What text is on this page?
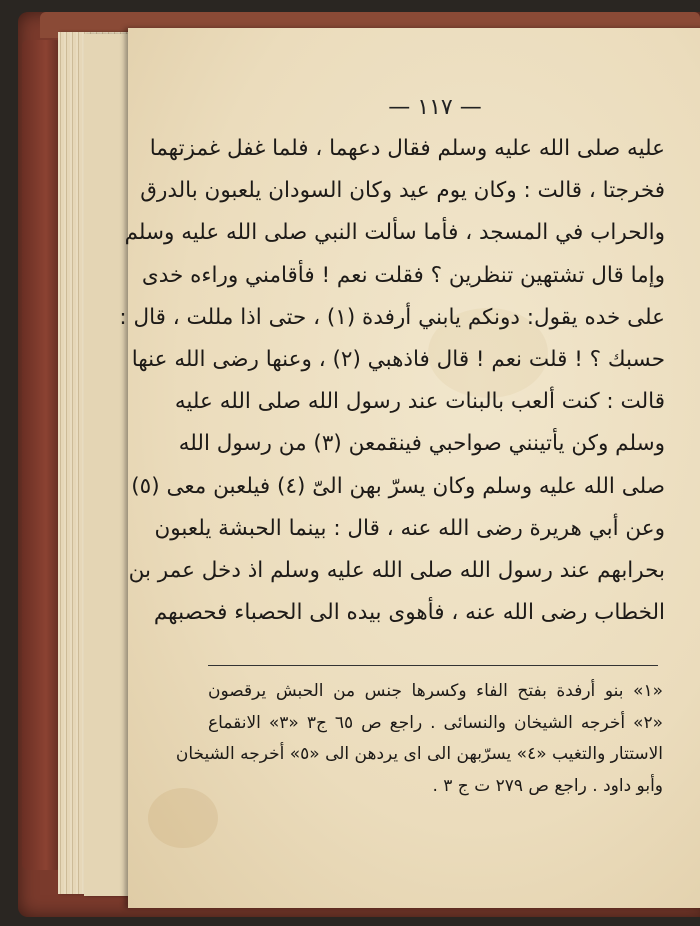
— ١١٧ —
عليه صلى الله عليه وسلم فقال دعهما ، فلما غفل غمزتهما
فخرجتا ، قالت : وكان يوم عيد وكان السودان يلعبون بالدرق
والحراب في المسجد ، فأما سألت النبي صلى الله عليه وسلم
وإما قال تشتهين تنظرين ؟ فقلت نعم ! فأقامني وراءه خدى
على خده يقول: دونكم يابني أرفدة (١) ، حتى اذا مللت ، قال :
حسبك ؟ ! قلت نعم ! قال فاذهبي (٢) ، وعنها رضى الله عنها
قالت : كنت ألعب بالبنات عند رسول الله صلى الله عليه
وسلم وكن يأتينني صواحبي فينقمعن (٣) من رسول الله
صلى الله عليه وسلم وكان يسرّ بهن الىّ (٤) فيلعبن معى (٥)
وعن أبي هريرة رضى الله عنه ، قال : بينما الحبشة يلعبون
بحرابهم عند رسول الله صلى الله عليه وسلم اذ دخل عمر بن
الخطاب رضى الله عنه ، فأهوى بيده الى الحصباء فحصبهم
«١» بنو أرفدة بفتح الفاء وكسرها جنس من الحبش يرقصون
«٢» أخرجه الشيخان والنسائى . راجع ص ٦٥ ج٣ «٣» الانقماع
الاستتار والتغيب «٤» يسرّبهن الى اى يردهن الى «٥» أخرجه الشيخان
وأبو داود . راجع ص ٢٧٩ ت ج ٣ .
